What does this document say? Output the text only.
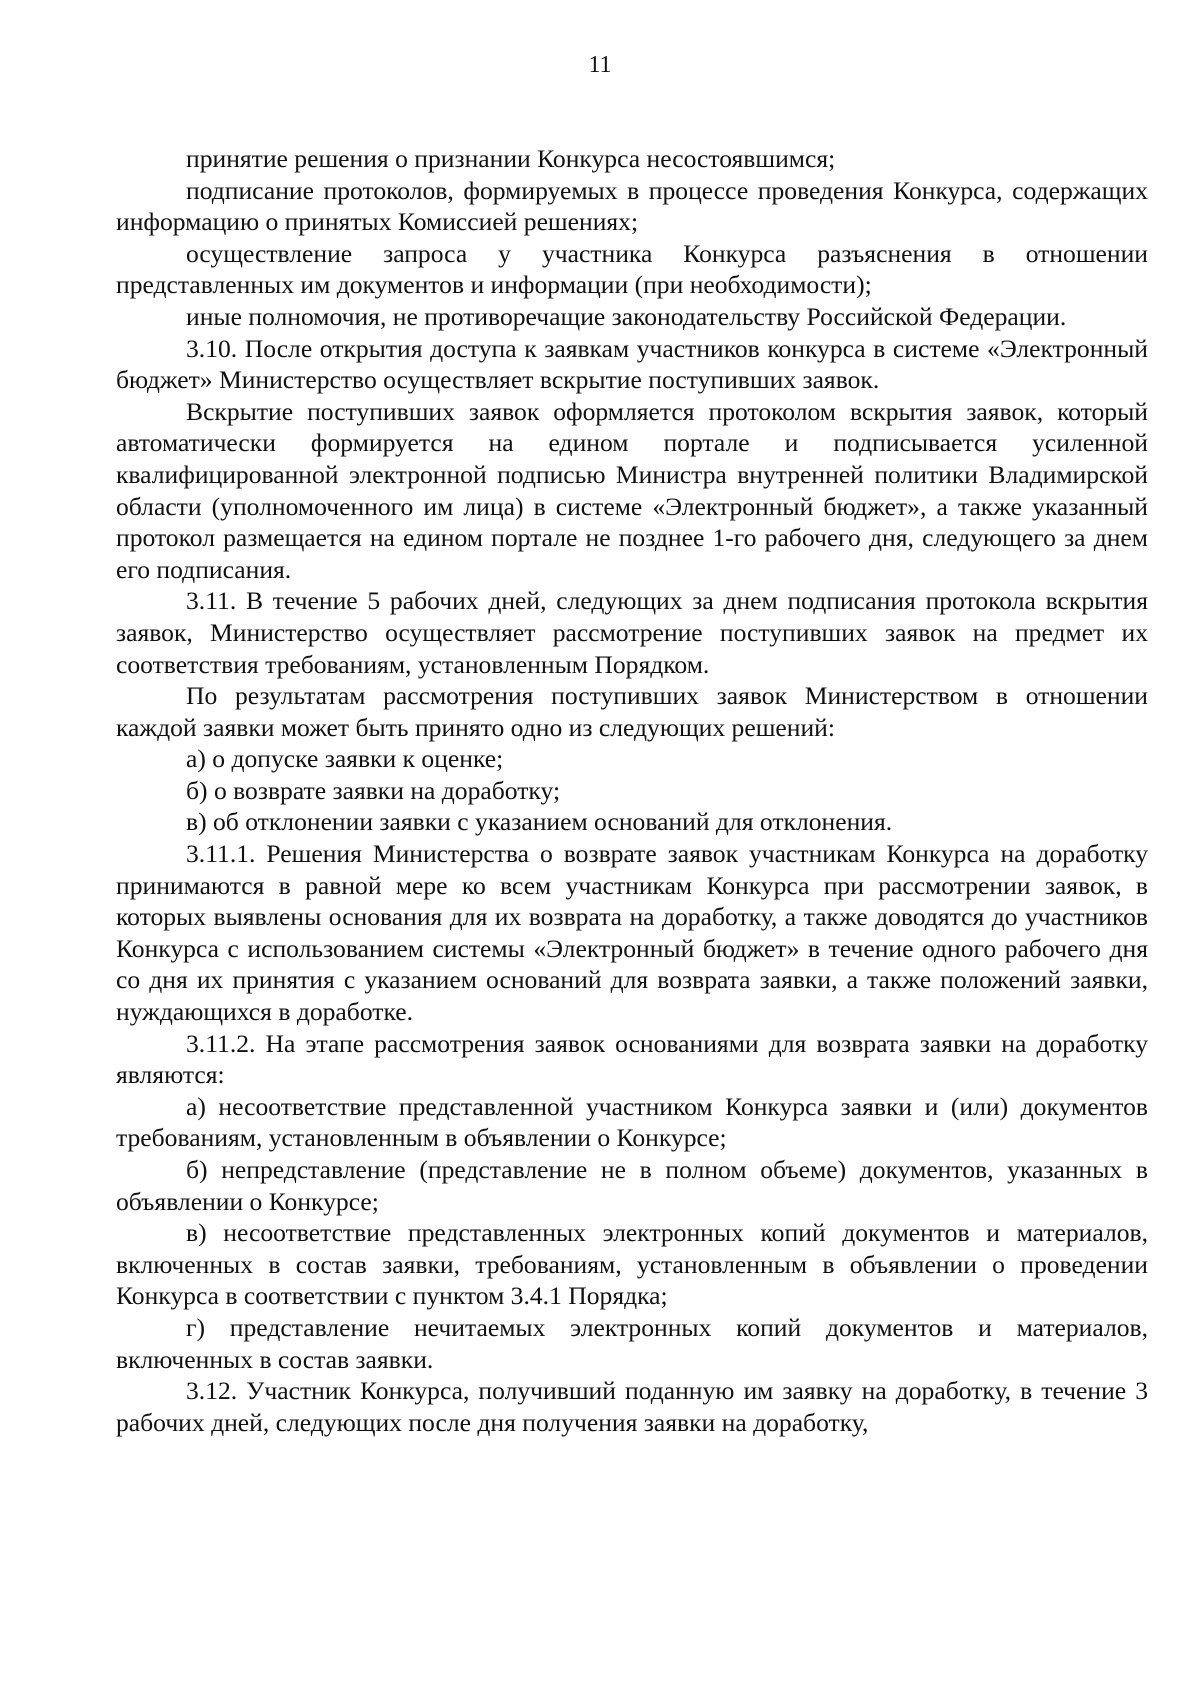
11

принятие решения о признании Конкурса несостоявшимся;

подписание протоколов, формируемых в процессе проведения Конкурса, содержащих информацию о принятых Комиссией решениях;

осуществление запроса у участника Конкурса разъяснения в отношении представленных им документов и информации (при необходимости);

иные полномочия, не противоречащие законодательству Российской Федерации.

3.10. После открытия доступа к заявкам участников конкурса в системе «Электронный бюджет» Министерство осуществляет вскрытие поступивших заявок.

Вскрытие поступивших заявок оформляется протоколом вскрытия заявок, который автоматически формируется на едином портале и подписывается усиленной квалифицированной электронной подписью Министра внутренней политики Владимирской области (уполномоченного им лица) в системе «Электронный бюджет», а также указанный протокол размещается на едином портале не позднее 1-го рабочего дня, следующего за днем его подписания.

3.11. В течение 5 рабочих дней, следующих за днем подписания протокола вскрытия заявок, Министерство осуществляет рассмотрение поступивших заявок на предмет их соответствия требованиям, установленным Порядком.

По результатам рассмотрения поступивших заявок Министерством в отношении каждой заявки может быть принято одно из следующих решений:

а) о допуске заявки к оценке;

б) о возврате заявки на доработку;

в) об отклонении заявки с указанием оснований для отклонения.

3.11.1. Решения Министерства о возврате заявок участникам Конкурса на доработку принимаются в равной мере ко всем участникам Конкурса при рассмотрении заявок, в которых выявлены основания для их возврата на доработку, а также доводятся до участников Конкурса с использованием системы «Электронный бюджет» в течение одного рабочего дня со дня их принятия с указанием оснований для возврата заявки, а также положений заявки, нуждающихся в доработке.

3.11.2. На этапе рассмотрения заявок основаниями для возврата заявки на доработку являются:

а) несоответствие представленной участником Конкурса заявки и (или) документов требованиям, установленным в объявлении о Конкурсе;

б) непредставление (представление не в полном объеме) документов, указанных в объявлении о Конкурсе;

в) несоответствие представленных электронных копий документов и материалов, включенных в состав заявки, требованиям, установленным в объявлении о проведении Конкурса в соответствии с пунктом 3.4.1 Порядка;

г) представление нечитаемых электронных копий документов и материалов, включенных в состав заявки.

3.12. Участник Конкурса, получивший поданную им заявку на доработку, в течение 3 рабочих дней, следующих после дня получения заявки на доработку,
